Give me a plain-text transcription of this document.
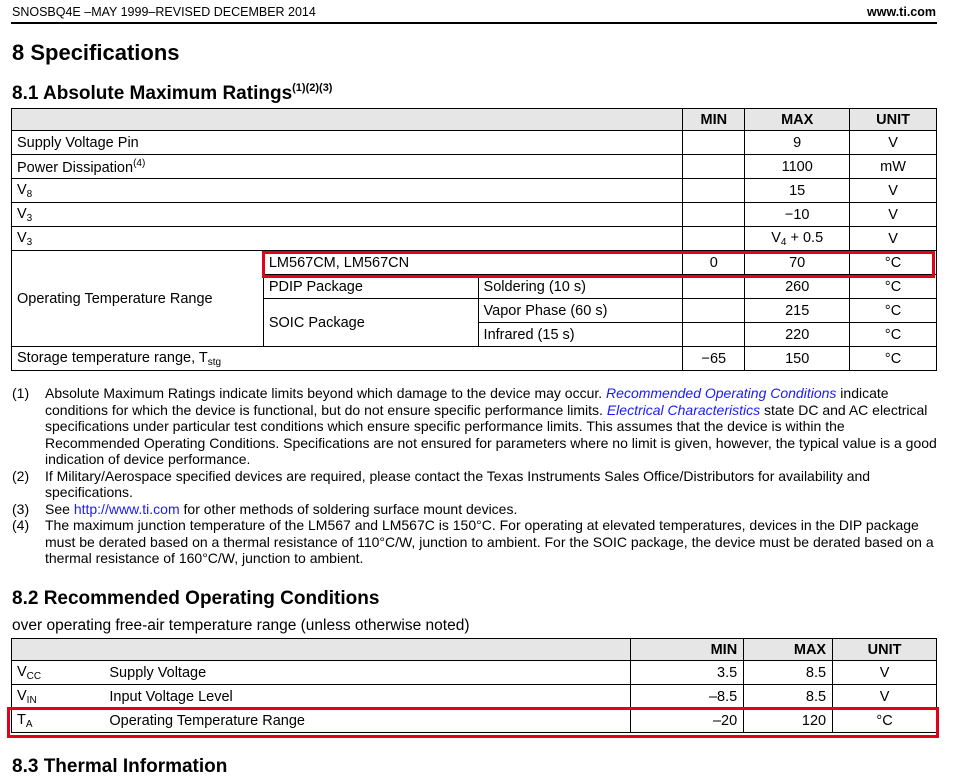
SNOSBQ4E –MAY 1999–REVISED DECEMBER 2014	www.ti.com
8 Specifications
8.1 Absolute Maximum Ratings$^{(1)(2)(3)}$
			MIN	MAX	UNIT
Supply Voltage Pin				9	V
Power Dissipation$^{(4)}$				1100	mW
$V_8$				15	V
$V_3$				−10	V
$V_3$				$V_4 + 0.5$	V
Operating Temperature Range	LM567CM, LM567CN		0	70	°C
	PDIP Package	Soldering (10 s)		260	°C
	SOIC Package	Vapor Phase (60 s)		215	°C
		Infrared (15 s)		220	°C
Storage temperature range, $T_{stg}$			−65	150	°C
(1) Absolute Maximum Ratings indicate limits beyond which damage to the device may occur. Recommended Operating Conditions indicate conditions for which the device is functional, but do not ensure specific performance limits. Electrical Characteristics state DC and AC electrical specifications under particular test conditions which ensure specific performance limits. This assumes that the device is within the Recommended Operating Conditions. Specifications are not ensured for parameters where no limit is given, however, the typical value is a good indication of device performance.
(2) If Military/Aerospace specified devices are required, please contact the Texas Instruments Sales Office/Distributors for availability and specifications.
(3) See http://www.ti.com for other methods of soldering surface mount devices.
(4) The maximum junction temperature of the LM567 and LM567C is 150°C. For operating at elevated temperatures, devices in the DIP package must be derated based on a thermal resistance of 110°C/W, junction to ambient. For the SOIC package, the device must be derated based on a thermal resistance of 160°C/W, junction to ambient.
8.2 Recommended Operating Conditions
over operating free-air temperature range (unless otherwise noted)
		MIN	MAX	UNIT
$V_{CC}$	Supply Voltage	3.5	8.5	V
$V_{IN}$	Input Voltage Level	–8.5	8.5	V
$T_A$	Operating Temperature Range	–20	120	°C
8.3 Thermal Information
